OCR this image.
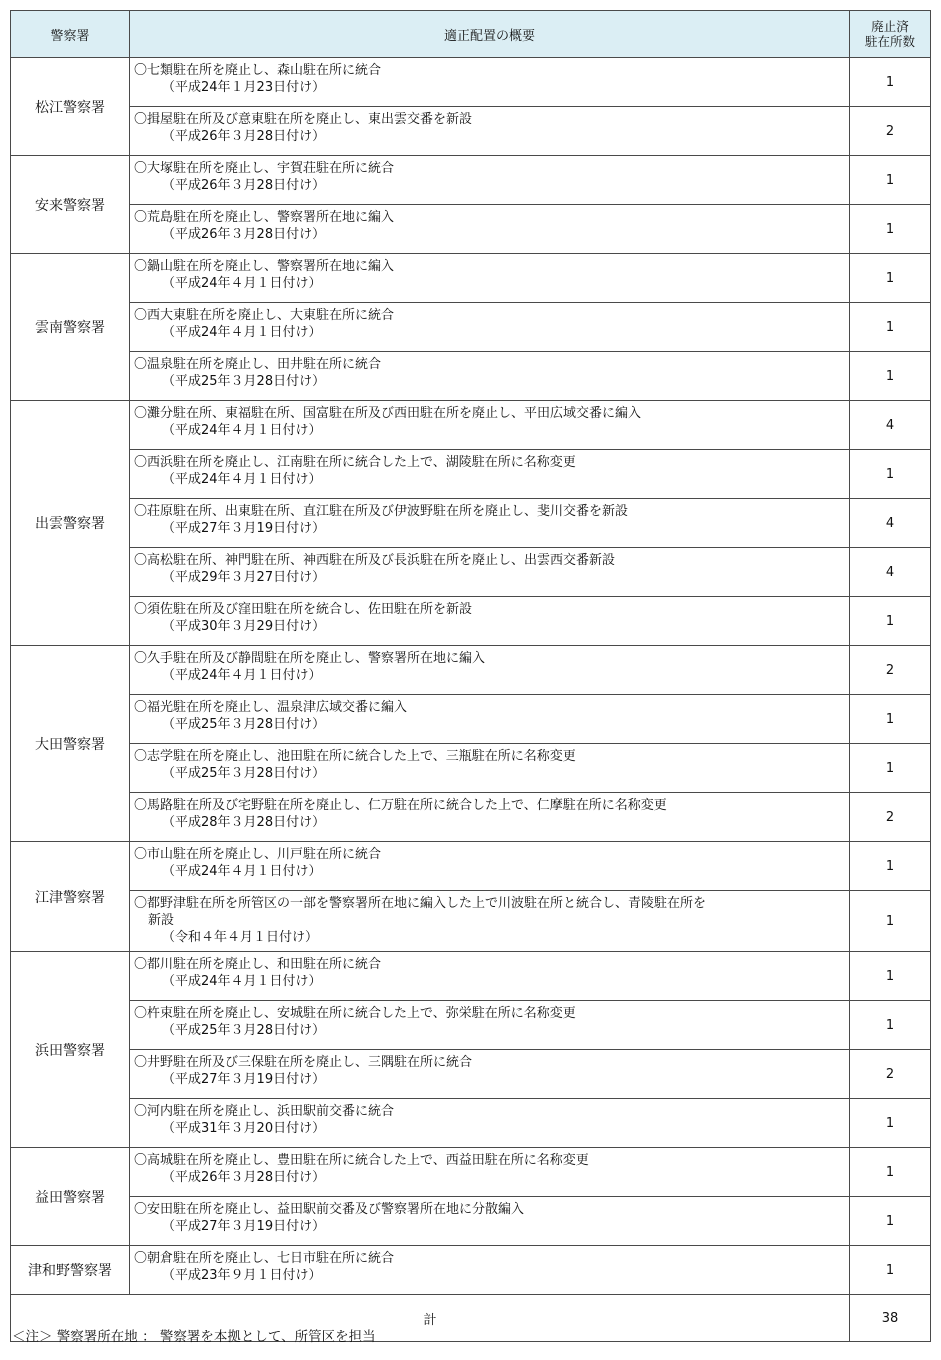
警察署	適正配置の概要	廃止済
駐在所数

松江警察署	〇七類駐在所を廃止し、森山駐在所に統合
（平成24年１月23日付け）	1

	〇揖屋駐在所及び意東駐在所を廃止し、東出雲交番を新設
（平成26年３月28日付け）	2
安来警察署	〇大塚駐在所を廃止し、宇賀荘駐在所に統合
（平成26年３月28日付け）	1

	〇荒島駐在所を廃止し、警察署所在地に編入
（平成26年３月28日付け）	1
雲南警察署	〇鍋山駐在所を廃止し、警察署所在地に編入
（平成24年４月１日付け）	1

	〇西大東駐在所を廃止し、大東駐在所に統合
（平成24年４月１日付け）	1

	〇温泉駐在所を廃止し、田井駐在所に統合
（平成25年３月28日付け）	1
出雲警察署	〇灘分駐在所、東福駐在所、国富駐在所及び西田駐在所を廃止し、平田広域交番に編入
（平成24年４月１日付け）	4

	〇西浜駐在所を廃止し、江南駐在所に統合した上で、湖陵駐在所に名称変更
（平成24年４月１日付け）	1

	〇荘原駐在所、出東駐在所、直江駐在所及び伊波野駐在所を廃止し、斐川交番を新設
（平成27年３月19日付け）	4

	〇高松駐在所、神門駐在所、神西駐在所及び長浜駐在所を廃止し、出雲西交番新設
（平成29年３月27日付け）	4

	〇須佐駐在所及び窪田駐在所を統合し、佐田駐在所を新設
（平成30年３月29日付け）	1
大田警察署	〇久手駐在所及び静間駐在所を廃止し、警察署所在地に編入
（平成24年４月１日付け）	2

	〇福光駐在所を廃止し、温泉津広域交番に編入
（平成25年３月28日付け）	1

	〇志学駐在所を廃止し、池田駐在所に統合した上で、三瓶駐在所に名称変更
（平成25年３月28日付け）	1

	〇馬路駐在所及び宅野駐在所を廃止し、仁万駐在所に統合した上で、仁摩駐在所に名称変更
（平成28年３月28日付け）	2
江津警察署	〇市山駐在所を廃止し、川戸駐在所に統合
（平成24年４月１日付け）	1

	〇都野津駐在所を所管区の一部を警察署所在地に編入した上で川波駐在所と統合し、青陵駐在所を
新設
（令和４年４月１日付け）	1
浜田警察署	〇都川駐在所を廃止し、和田駐在所に統合
（平成24年４月１日付け）	1

	〇杵束駐在所を廃止し、安城駐在所に統合した上で、弥栄駐在所に名称変更
（平成25年３月28日付け）	1

	〇井野駐在所及び三保駐在所を廃止し、三隅駐在所に統合
（平成27年３月19日付け）	2

	〇河内駐在所を廃止し、浜田駅前交番に統合
（平成31年３月20日付け）	1
益田警察署	〇高城駐在所を廃止し、豊田駐在所に統合した上で、西益田駐在所に名称変更
（平成26年３月28日付け）	1

	〇安田駐在所を廃止し、益田駅前交番及び警察署所在地に分散編入
（平成27年３月19日付け）	1
津和野警察署	〇朝倉駐在所を廃止し、七日市駐在所に統合
（平成23年９月１日付け）	1
計		38
＜注＞ 警察署所在地 ： 警察署を本拠として、所管区を担当
